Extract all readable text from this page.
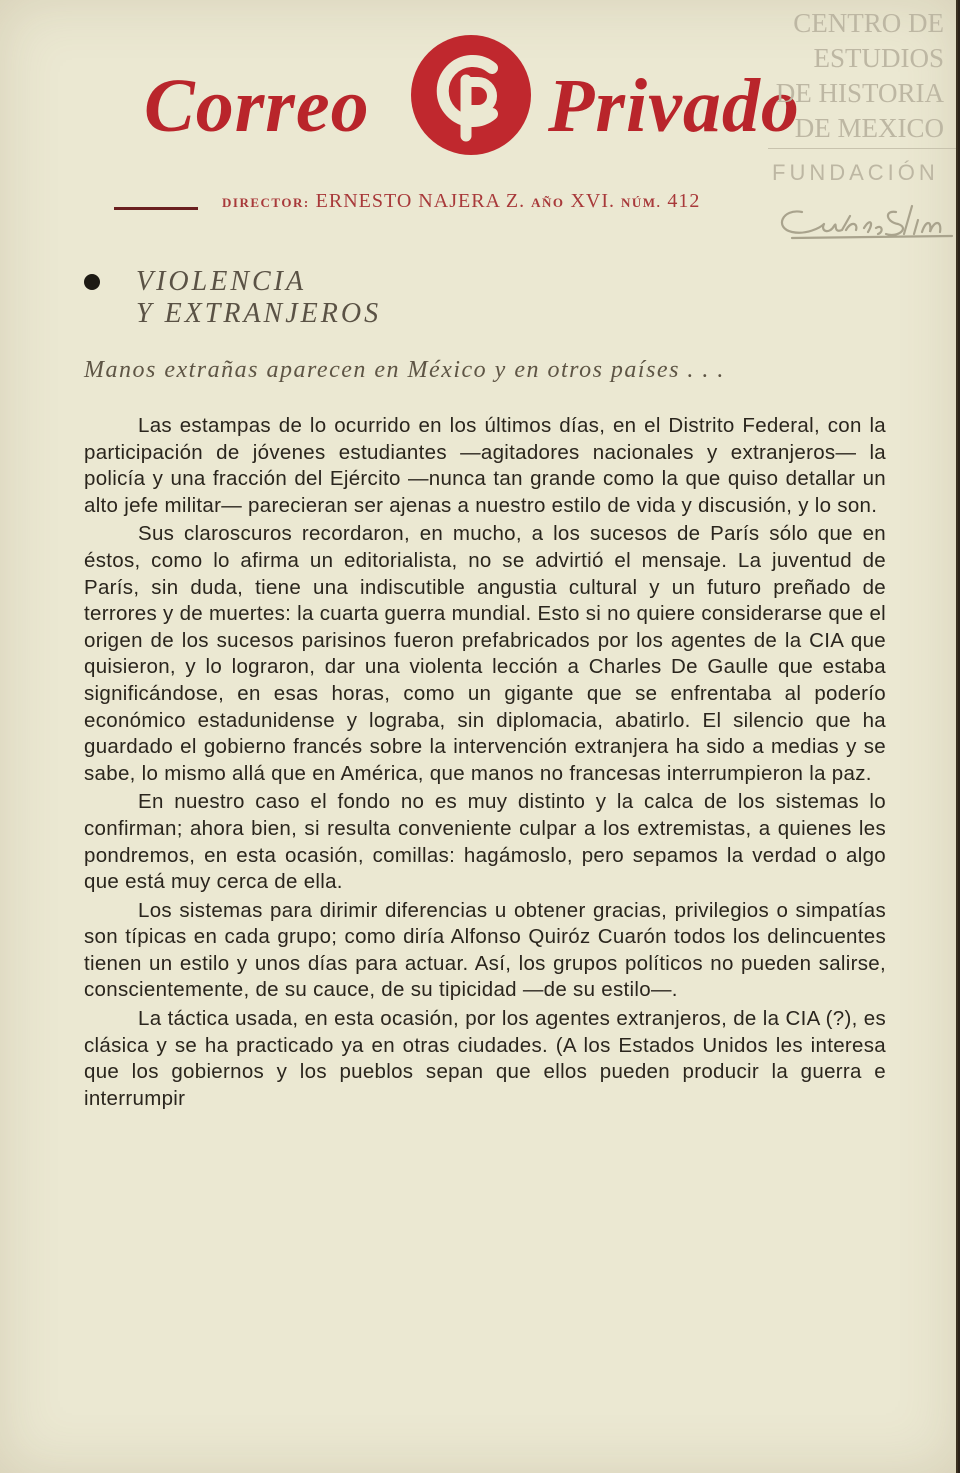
Correo Privado
CENTRO DE
ESTUDIOS
DE HISTORIA
DE MEXICO
FUNDACIÓN
DIRECTOR: ERNESTO NAJERA Z. AÑO XVI. NÚM. 412
VIOLENCIA
Y EXTRANJEROS
Manos extrañas aparecen en México y en otros países . . .

Las estampas de lo ocurrido en los últimos días, en el Distrito Federal, con la participación de jóvenes estudiantes —agitadores nacionales y extranjeros— la policía y una fracción del Ejército —nunca tan grande como la que quiso detallar un alto jefe militar— parecieran ser ajenas a nuestro estilo de vida y discusión, y lo son.

Sus claroscuros recordaron, en mucho, a los sucesos de París sólo que en éstos, como lo afirma un editorialista, no se advirtió el mensaje. La juventud de París, sin duda, tiene una indiscutible angustia cultural y un futuro preñado de terrores y de muertes: la cuarta guerra mundial. Esto si no quiere considerarse que el origen de los sucesos parisinos fueron prefabricados por los agentes de la CIA que quisieron, y lo lograron, dar una violenta lección a Charles De Gaulle que estaba significándose, en esas horas, como un gigante que se enfrentaba al poderío económico estadunidense y lograba, sin diplomacia, abatirlo. El silencio que ha guardado el gobierno francés sobre la intervención extranjera ha sido a medias y se sabe, lo mismo allá que en América, que manos no francesas interrumpieron la paz.

En nuestro caso el fondo no es muy distinto y la calca de los sistemas lo confirman; ahora bien, si resulta conveniente culpar a los extremistas, a quienes les pondremos, en esta ocasión, comillas: hagámoslo, pero sepamos la verdad o algo que está muy cerca de ella.

Los sistemas para dirimir diferencias u obtener gracias, privilegios o simpatías son típicas en cada grupo; como diría Alfonso Quiróz Cuarón todos los delincuentes tienen un estilo y unos días para actuar. Así, los grupos políticos no pueden salirse, conscientemente, de su cauce, de su tipicidad —de su estilo—.

La táctica usada, en esta ocasión, por los agentes extranjeros, de la CIA (?), es clásica y se ha practicado ya en otras ciudades. (A los Estados Unidos les interesa que los gobiernos y los pueblos sepan que ellos pueden producir la guerra e interrumpir
